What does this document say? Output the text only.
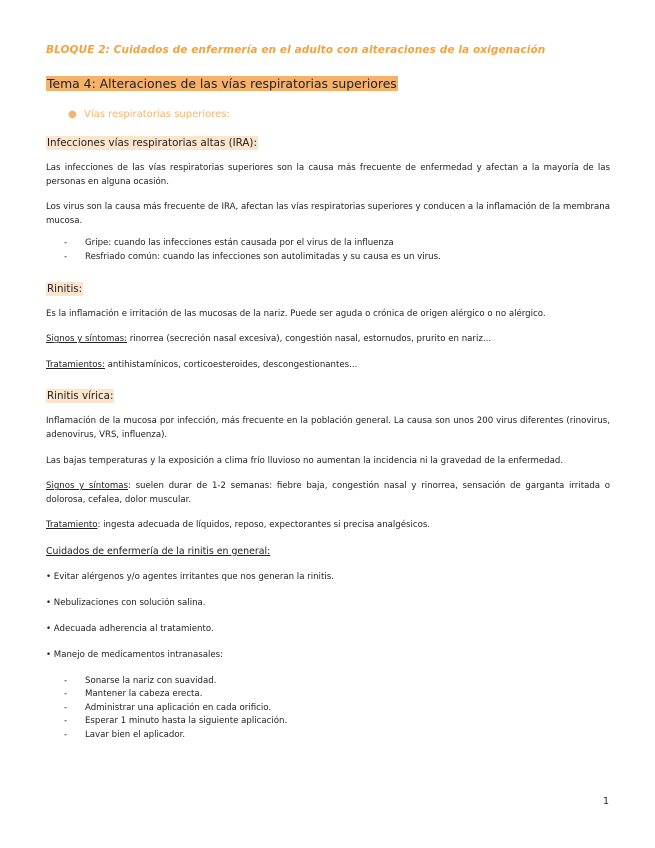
BLOQUE 2: Cuidados de enfermería en el adulto con alteraciones de la oxigenación
Tema 4: Alteraciones de las vías respiratorias superiores
● Vías respiratorias superiores:
Infecciones vías respiratorias altas (IRA):

Las infecciones de las vías respiratorias superiores son la causa más frecuente de enfermedad y afectan a la mayoría de las personas en alguna ocasión.

Los virus son la causa más frecuente de IRA, afectan las vías respiratorias superiores y conducen a la inflamación de la membrana mucosa.

- Gripe: cuando las infecciones están causada por el virus de la influenza
- Resfriado común: cuando las infecciones son autolimitadas y su causa es un virus.
Rinitis:

Es la inflamación e irritación de las mucosas de la nariz. Puede ser aguda o crónica de origen alérgico o no alérgico.

Signos y síntomas: rinorrea (secreción nasal excesiva), congestión nasal, estornudos, prurito en nariz...

Tratamientos: antihistamínicos, corticoesteroides, descongestionantes...

Rinitis vírica:

Inflamación de la mucosa por infección, más frecuente en la población general. La causa son unos 200 virus diferentes (rinovirus, adenovirus, VRS, influenza).

Las bajas temperaturas y la exposición a clima frío lluvioso no aumentan la incidencia ni la gravedad de la enfermedad.

Signos y síntomas: suelen durar de 1-2 semanas: fiebre baja, congestión nasal y rinorrea, sensación de garganta irritada o dolorosa, cefalea, dolor muscular.

Tratamiento: ingesta adecuada de líquidos, reposo, expectorantes si precisa analgésicos.

Cuidados de enfermería de la rinitis en general:

• Evitar alérgenos y/o agentes irritantes que nos generan la rinitis.
• Nebulizaciones con solución salina.
• Adecuada adherencia al tratamiento.
• Manejo de medicamentos intranasales:
- Sonarse la nariz con suavidad.
- Mantener la cabeza erecta.
- Administrar una aplicación en cada orificio.
- Esperar 1 minuto hasta la siguiente aplicación.
- Lavar bien el aplicador.
1
